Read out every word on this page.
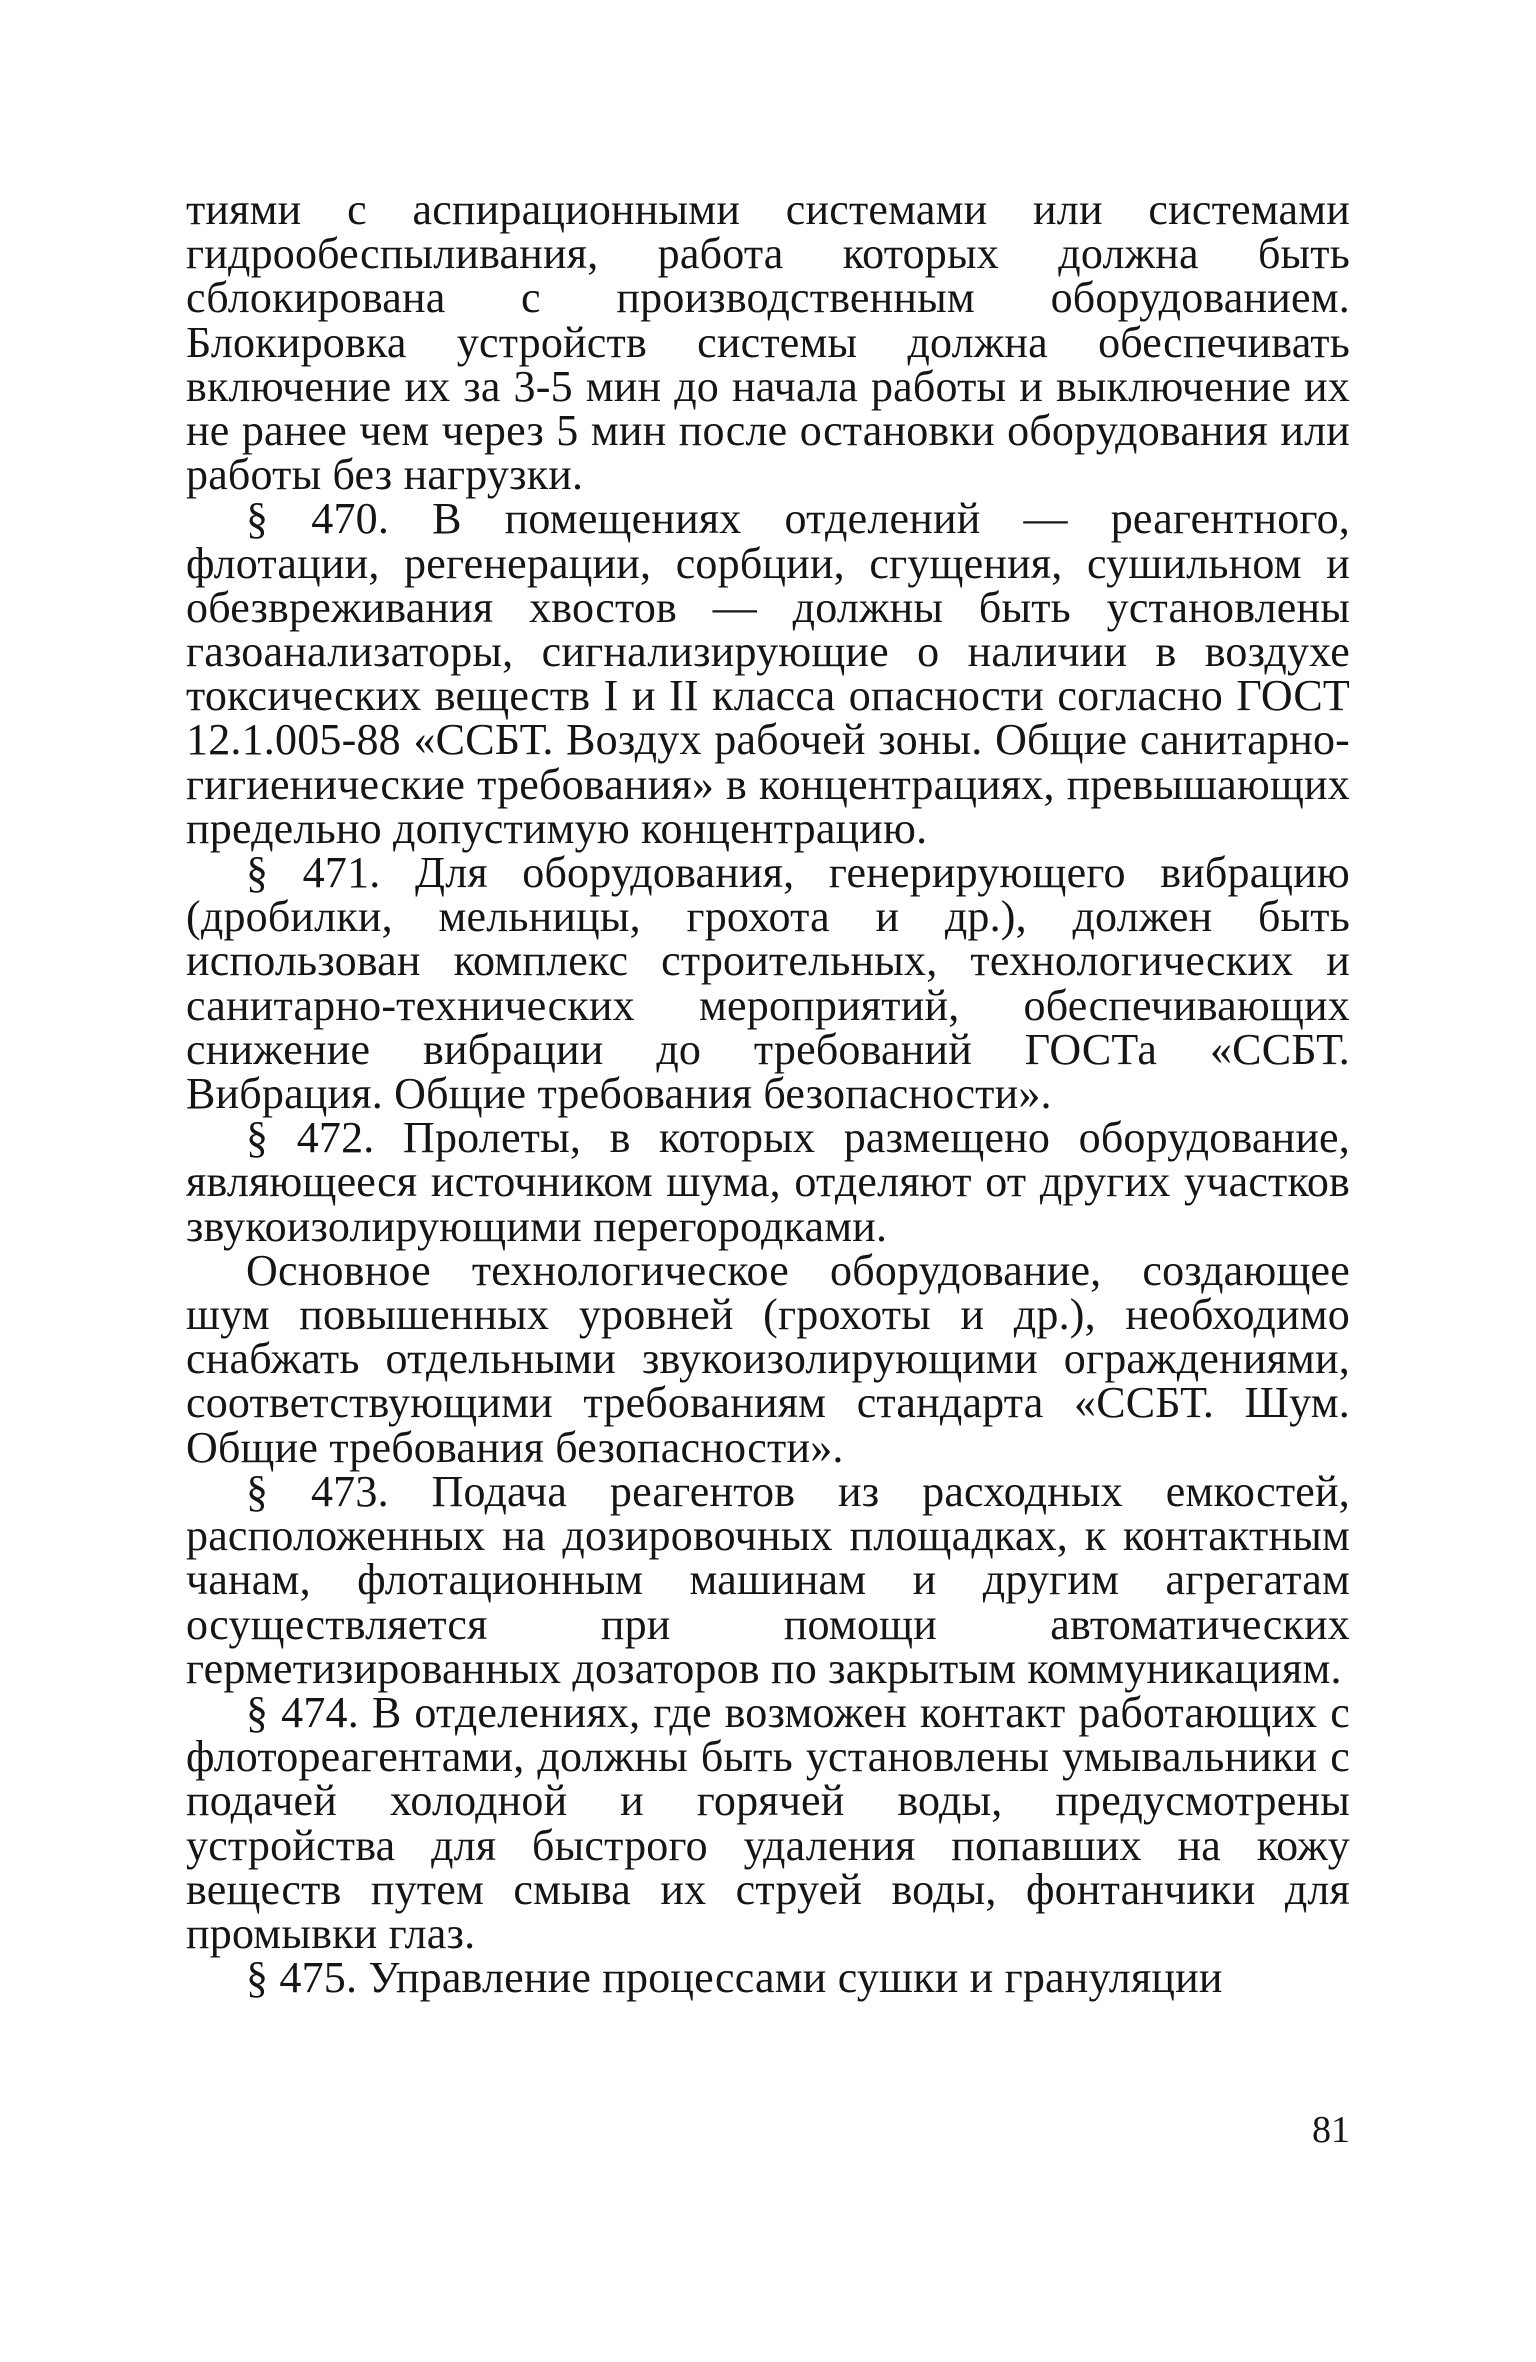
тиями с аспирационными системами или системами гидрообеспыливания, работа которых должна быть сблокирована с производственным оборудованием. Блокировка устройств системы должна обеспечивать включение их за 3-5 мин до начала работы и выключение их не ранее чем через 5 мин после остановки оборудования или работы без нагрузки.

§ 470. В помещениях отделений — реагентного, флотации, регенерации, сорбции, сгущения, сушильном и обезвреживания хвостов — должны быть установлены газоанализаторы, сигнализирующие о наличии в воздухе токсических веществ I и II класса опасности согласно ГОСТ 12.1.005-88 «ССБТ. Воздух рабочей зоны. Общие санитарно-гигиенические требования» в концентрациях, превышающих предельно допустимую концентрацию.

§ 471. Для оборудования, генерирующего вибрацию (дробилки, мельницы, грохота и др.), должен быть использован комплекс строительных, технологических и санитарно-технических мероприятий, обеспечивающих снижение вибрации до требований ГОСТа «ССБТ. Вибрация. Общие требования безопасности».

§ 472. Пролеты, в которых размещено оборудование, являющееся источником шума, отделяют от других участков звукоизолирующими перегородками.

Основное технологическое оборудование, создающее шум повышенных уровней (грохоты и др.), необходимо снабжать отдельными звукоизолирующими ограждениями, соответствующими требованиям стандарта «ССБТ. Шум. Общие требования безопасности».

§ 473. Подача реагентов из расходных емкостей, расположенных на дозировочных площадках, к контактным чанам, флотационным машинам и другим агрегатам осуществляется при помощи автоматических герметизированных дозаторов по закрытым коммуникациям.

§ 474. В отделениях, где возможен контакт работающих с флотореагентами, должны быть установлены умывальники с подачей холодной и горячей воды, предусмотрены устройства для быстрого удаления попавших на кожу веществ путем смыва их струей воды, фонтанчики для промывки глаз.

§ 475. Управление процессами сушки и грануляции

81
